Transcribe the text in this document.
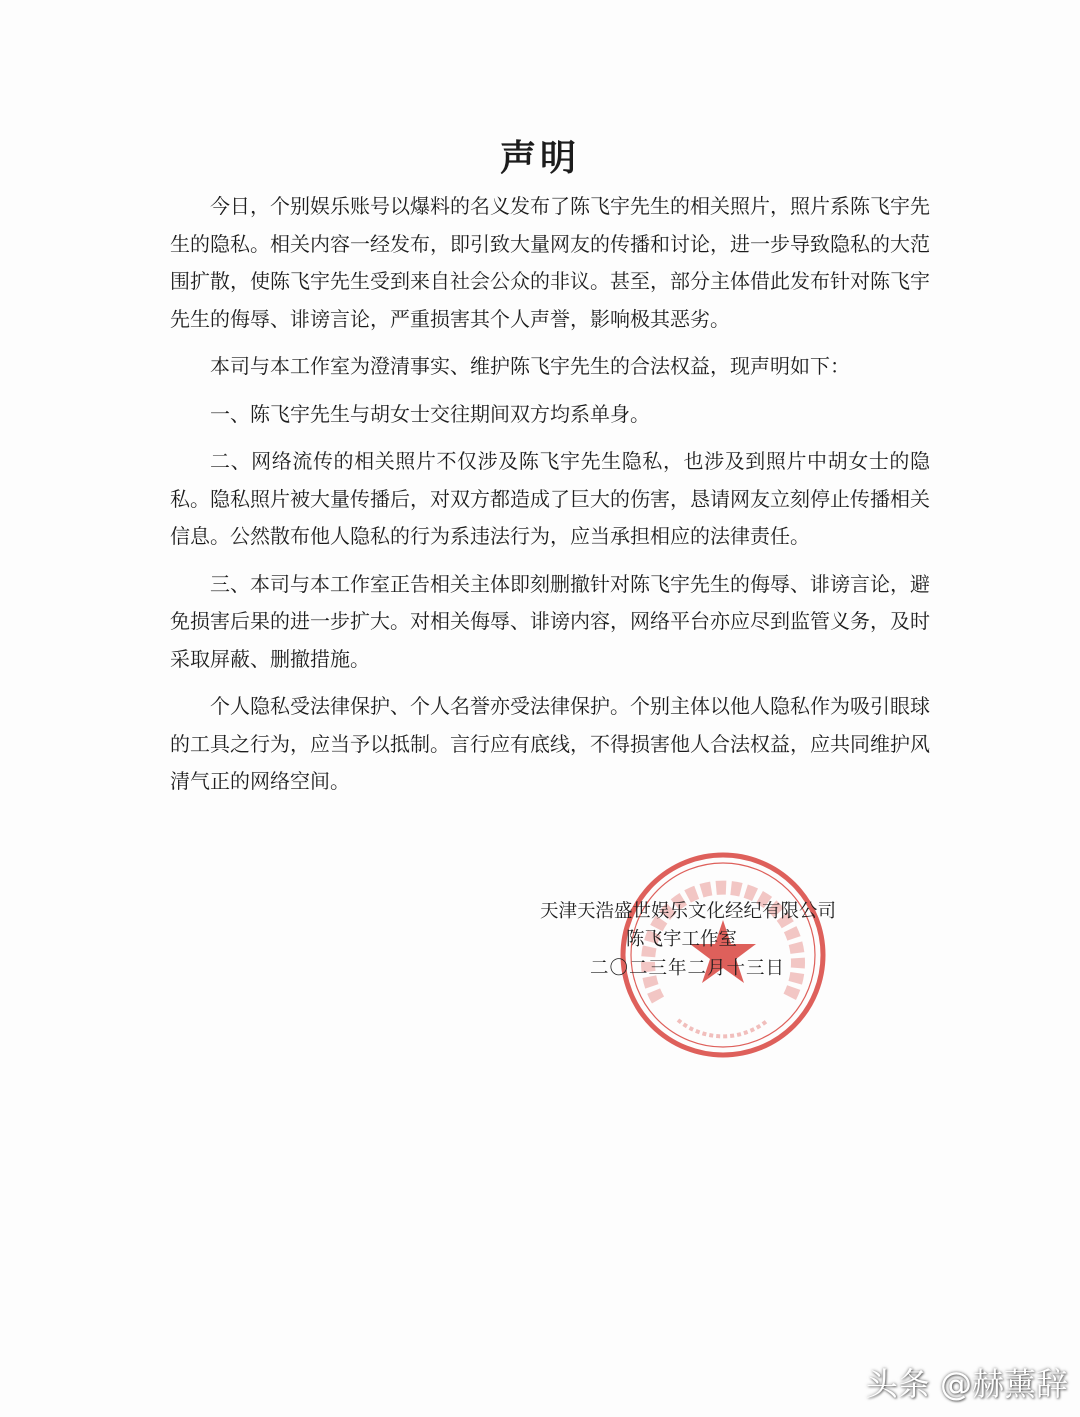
声明

今日，个别娱乐账号以爆料的名义发布了陈飞宇先生的相关照片，照片系陈飞宇先生的隐私。相关内容一经发布，即引致大量网友的传播和讨论，进一步导致隐私的大范围扩散，使陈飞宇先生受到来自社会公众的非议。甚至，部分主体借此发布针对陈飞宇先生的侮辱、诽谤言论，严重损害其个人声誉，影响极其恶劣。

本司与本工作室为澄清事实、维护陈飞宇先生的合法权益，现声明如下：

一、陈飞宇先生与胡女士交往期间双方均系单身。

二、网络流传的相关照片不仅涉及陈飞宇先生隐私，也涉及到照片中胡女士的隐私。隐私照片被大量传播后，对双方都造成了巨大的伤害，恳请网友立刻停止传播相关信息。公然散布他人隐私的行为系违法行为，应当承担相应的法律责任。

三、本司与本工作室正告相关主体即刻删撤针对陈飞宇先生的侮辱、诽谤言论，避免损害后果的进一步扩大。对相关侮辱、诽谤内容，网络平台亦应尽到监管义务，及时采取屏蔽、删撤措施。

个人隐私受法律保护、个人名誉亦受法律保护。个别主体以他人隐私作为吸引眼球的工具之行为，应当予以抵制。言行应有底线，不得损害他人合法权益，应共同维护风清气正的网络空间。

天津天浩盛世娱乐文化经纪有限公司
陈飞宇工作室
二〇二三年二月十三日
头条 @赫薰辞
